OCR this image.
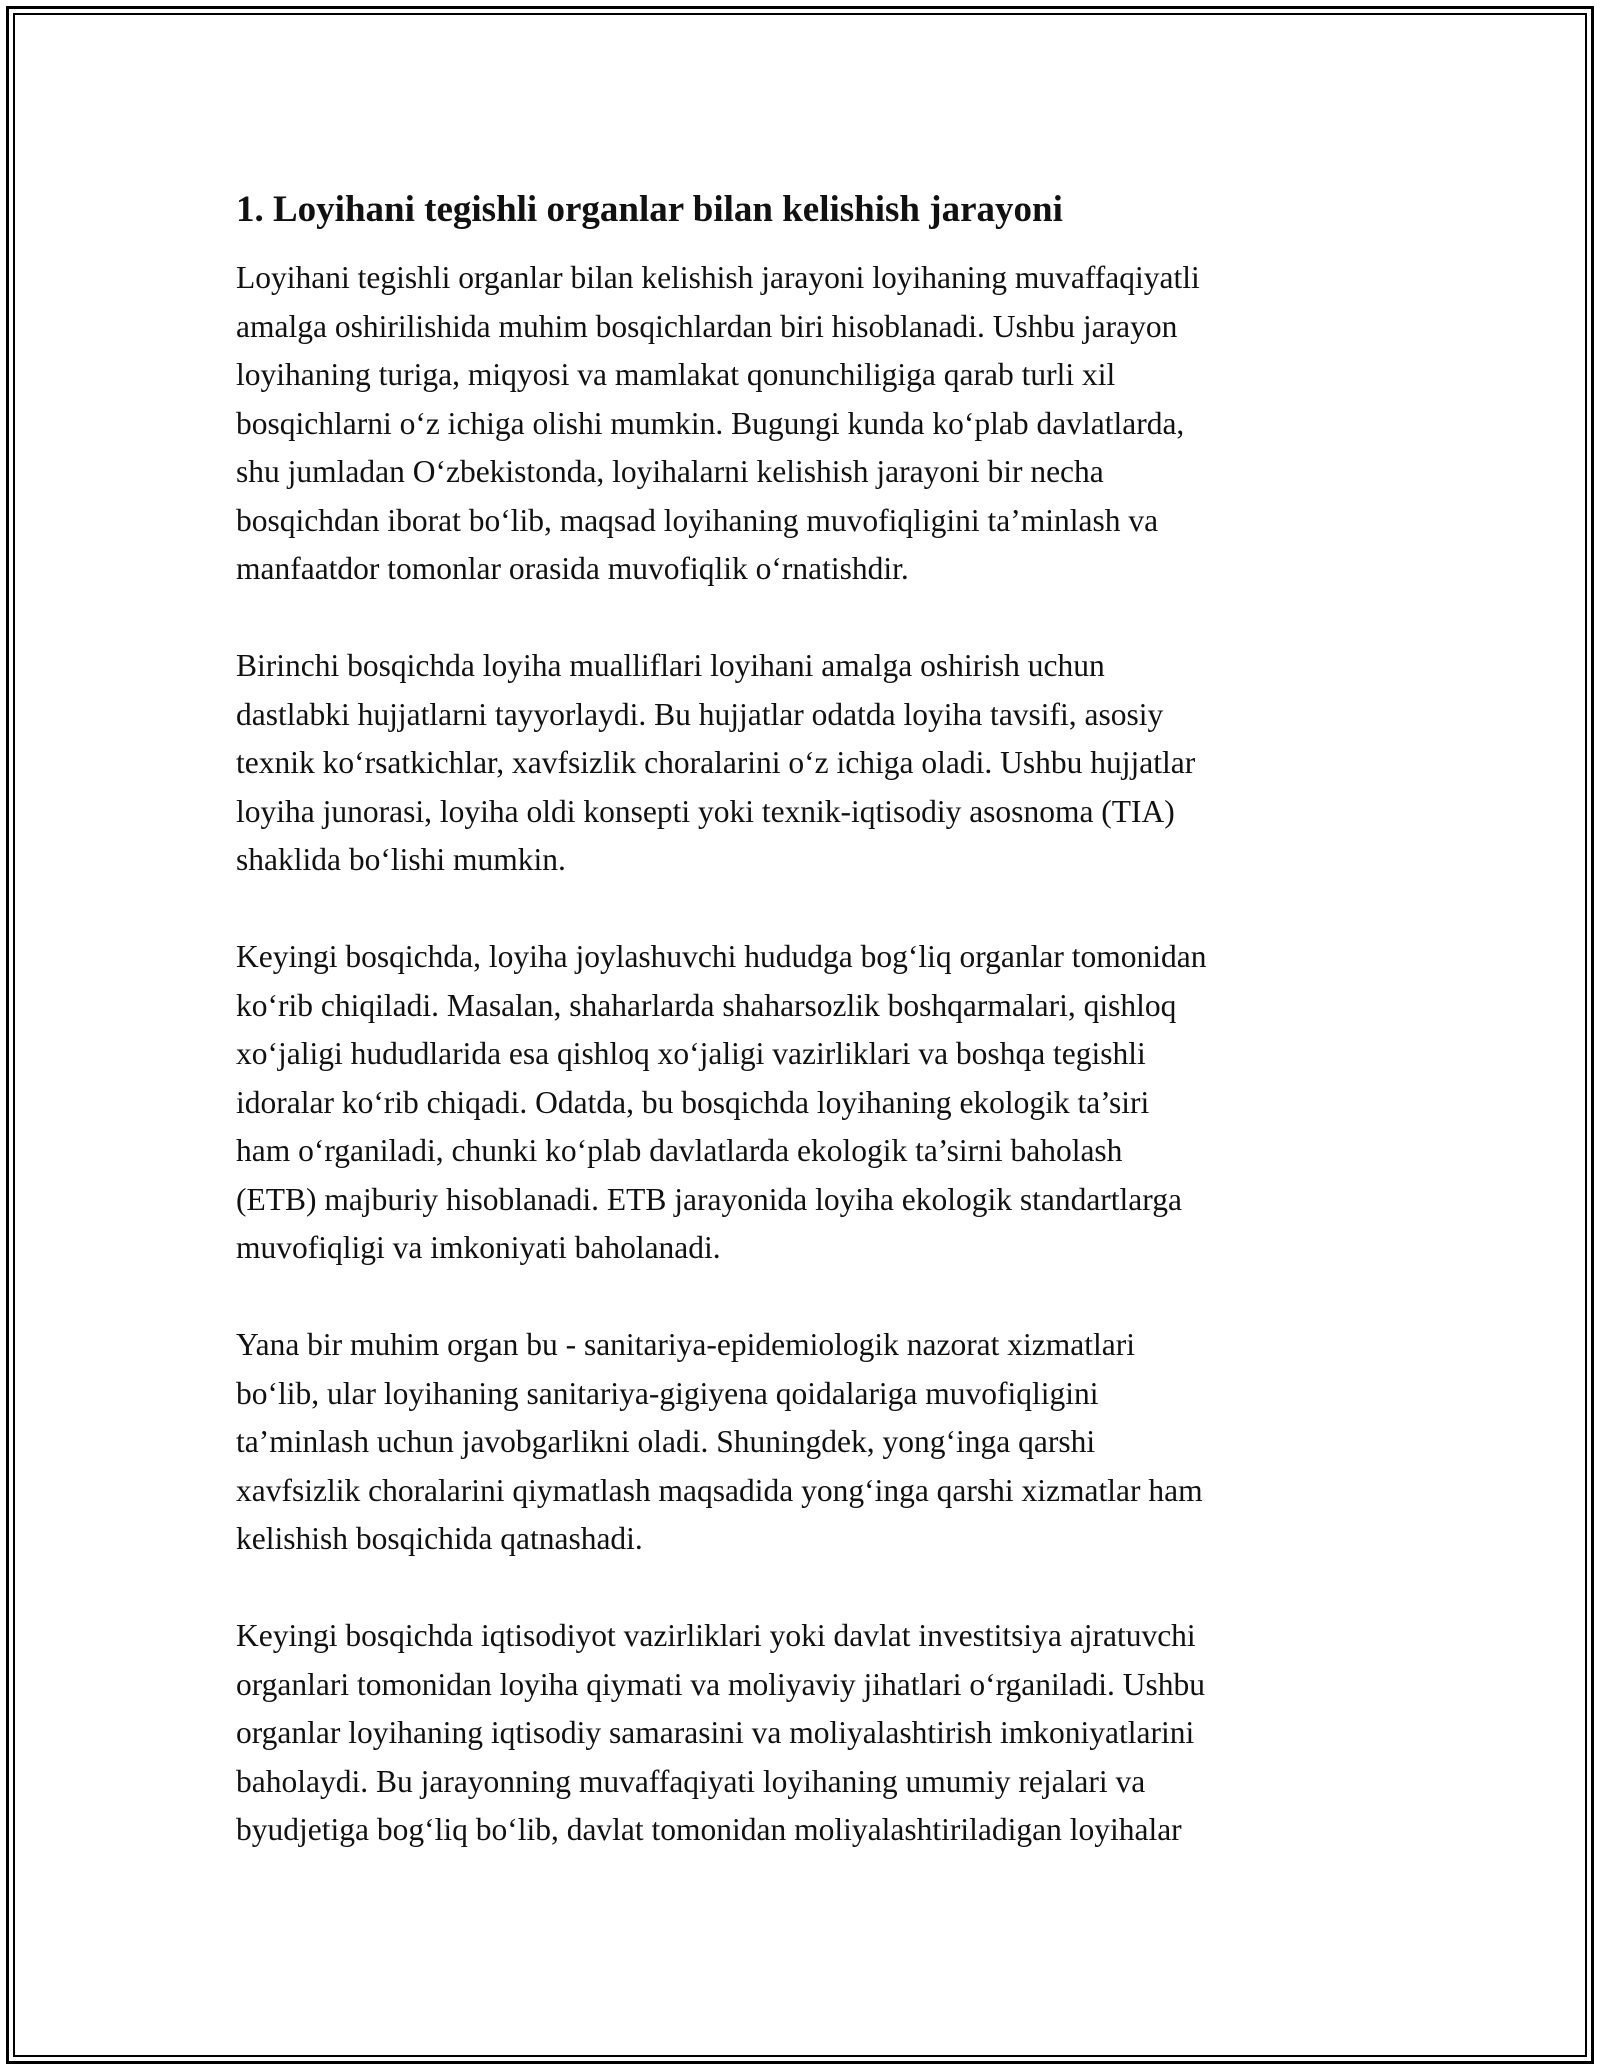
1. Loyihani tegishli organlar bilan kelishish jarayoni
Loyihani tegishli organlar bilan kelishish jarayoni loyihaning muvaffaqiyatli
amalga oshirilishida muhim bosqichlardan biri hisoblanadi. Ushbu jarayon
loyihaning turiga, miqyosi va mamlakat qonunchiligiga qarab turli xil
bosqichlarni o‘z ichiga olishi mumkin. Bugungi kunda ko‘plab davlatlarda,
shu jumladan O‘zbekistonda, loyihalarni kelishish jarayoni bir necha
bosqichdan iborat bo‘lib, maqsad loyihaning muvofiqligini ta’minlash va
manfaatdor tomonlar orasida muvofiqlik o‘rnatishdir.
Birinchi bosqichda loyiha mualliflari loyihani amalga oshirish uchun
dastlabki hujjatlarni tayyorlaydi. Bu hujjatlar odatda loyiha tavsifi, asosiy
texnik ko‘rsatkichlar, xavfsizlik choralarini o‘z ichiga oladi. Ushbu hujjatlar
loyiha junorasi, loyiha oldi konsepti yoki texnik-iqtisodiy asosnoma (TIA)
shaklida bo‘lishi mumkin.
Keyingi bosqichda, loyiha joylashuvchi hududga bog‘liq organlar tomonidan
ko‘rib chiqiladi. Masalan, shaharlarda shaharsozlik boshqarmalari, qishloq
xo‘jaligi hududlarida esa qishloq xo‘jaligi vazirliklari va boshqa tegishli
idoralar ko‘rib chiqadi. Odatda, bu bosqichda loyihaning ekologik ta’siri
ham o‘rganiladi, chunki ko‘plab davlatlarda ekologik ta’sirni baholash
(ETB) majburiy hisoblanadi. ETB jarayonida loyiha ekologik standartlarga
muvofiqligi va imkoniyati baholanadi.
Yana bir muhim organ bu - sanitariya-epidemiologik nazorat xizmatlari
bo‘lib, ular loyihaning sanitariya-gigiyena qoidalariga muvofiqligini
ta’minlash uchun javobgarlikni oladi. Shuningdek, yong‘inga qarshi
xavfsizlik choralarini qiymatlash maqsadida yong‘inga qarshi xizmatlar ham
kelishish bosqichida qatnashadi.
Keyingi bosqichda iqtisodiyot vazirliklari yoki davlat investitsiya ajratuvchi
organlari tomonidan loyiha qiymati va moliyaviy jihatlari o‘rganiladi. Ushbu
organlar loyihaning iqtisodiy samarasini va moliyalashtirish imkoniyatlarini
baholaydi. Bu jarayonning muvaffaqiyati loyihaning umumiy rejalari va
byudjetiga bog‘liq bo‘lib, davlat tomonidan moliyalashtiriladigan loyihalar
